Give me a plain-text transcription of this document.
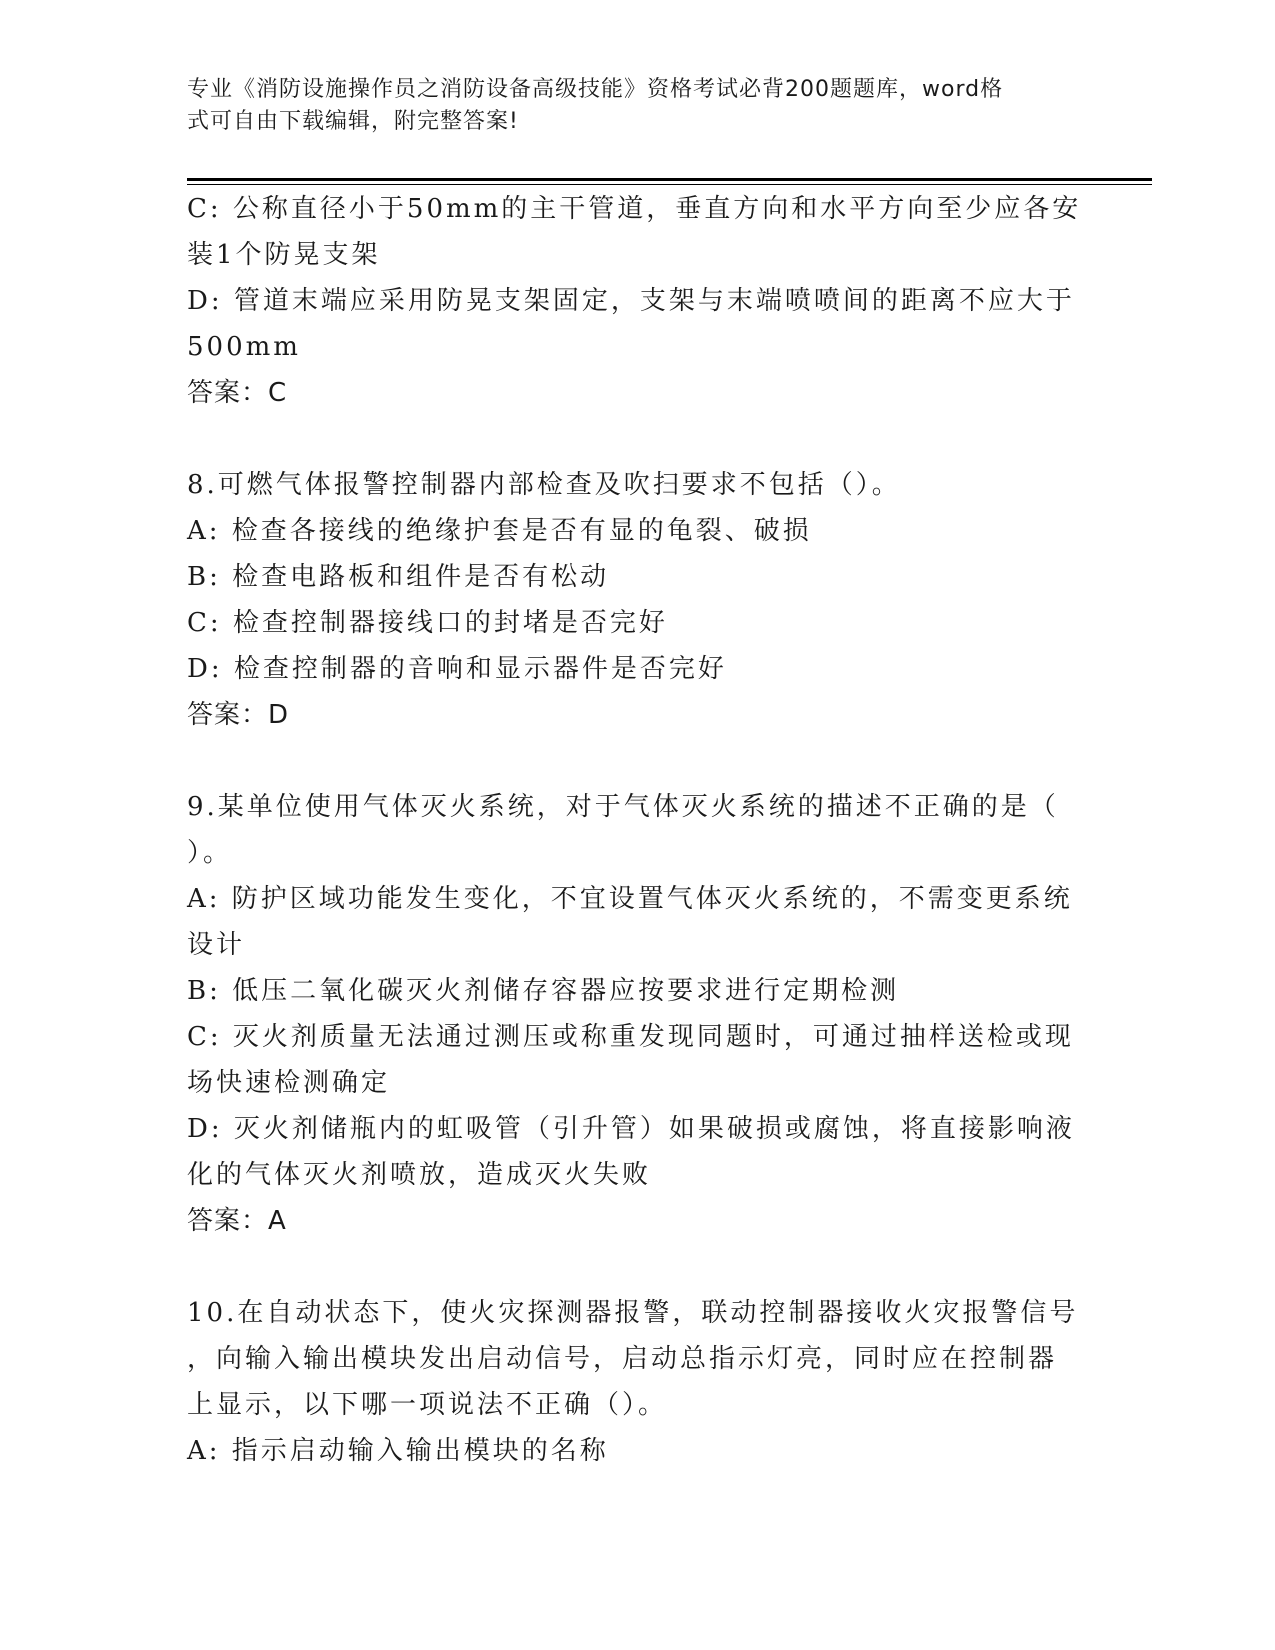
专业《消防设施操作员之消防设备高级技能》资格考试必背200题题库，word格
式可自由下载编辑，附完整答案!

C: 公称直径小于50mm的主干管道，垂直方向和水平方向至少应各安

装1个防晃支架

D: 管道末端应采用防晃支架固定，支架与末端喷喷间的距离不应大于

500mm

答案：C

8.可燃气体报警控制器内部检查及吹扫要求不包括（）。

A: 检查各接线的绝缘护套是否有显的龟裂、破损

B: 检查电路板和组件是否有松动

C: 检查控制器接线口的封堵是否完好

D: 检查控制器的音响和显示器件是否完好

答案：D

9.某单位使用气体灭火系统，对于气体灭火系统的描述不正确的是（

）。

A: 防护区域功能发生变化，不宜设置气体灭火系统的，不需变更系统

设计

B: 低压二氧化碳灭火剂储存容器应按要求进行定期检测

C: 灭火剂质量无法通过测压或称重发现同题时，可通过抽样送检或现

场快速检测确定

D: 灭火剂储瓶内的虹吸管（引升管）如果破损或腐蚀，将直接影响液

化的气体灭火剂喷放，造成灭火失败

答案：A

10.在自动状态下，使火灾探测器报警，联动控制器接收火灾报警信号

，向输入输出模块发出启动信号，启动总指示灯亮，同时应在控制器

上显示，以下哪一项说法不正确（）。

A: 指示启动输入输出模块的名称
